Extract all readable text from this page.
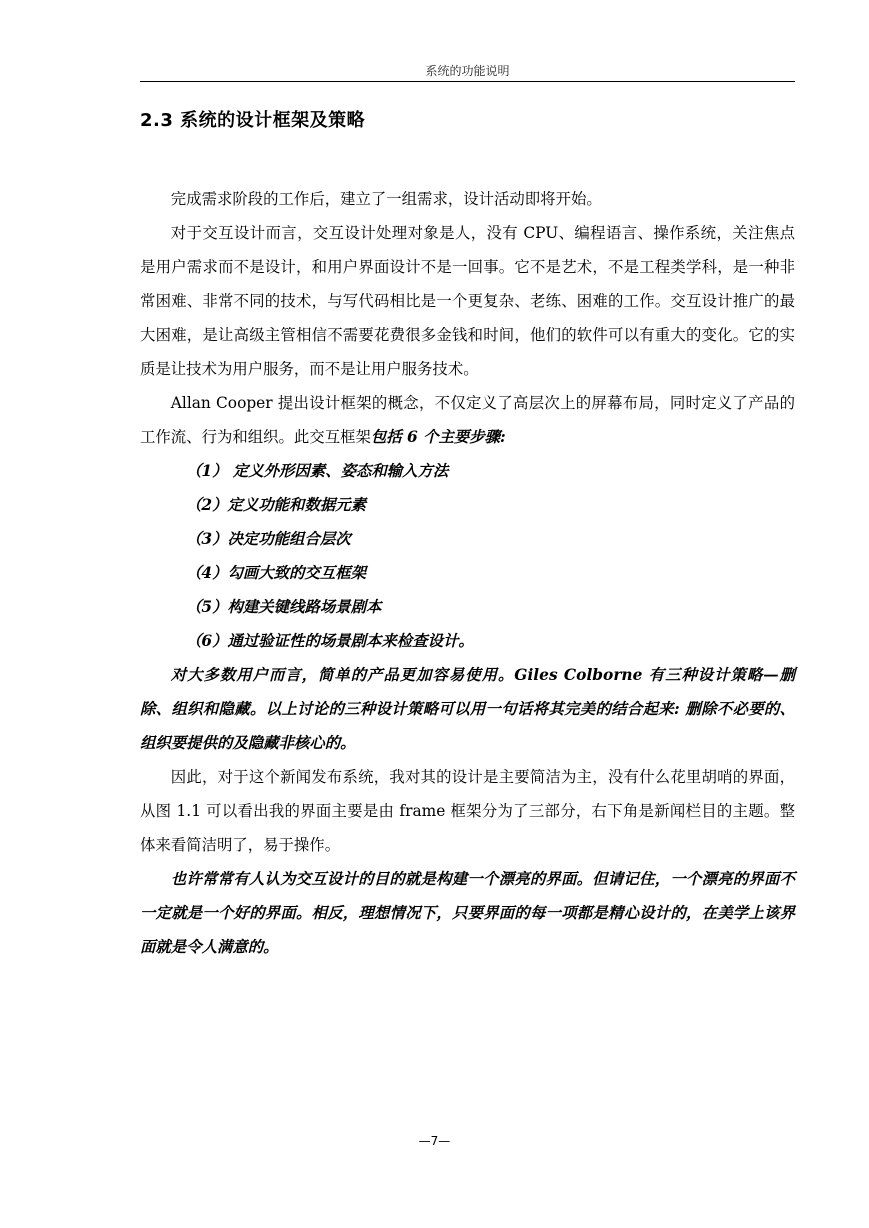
系统的功能说明
2.3 系统的设计框架及策略

完成需求阶段的工作后，建立了一组需求，设计活动即将开始。

对于交互设计而言，交互设计处理对象是人，没有 CPU、编程语言、操作系统，关注焦点是用户需求而不是设计，和用户界面设计不是一回事。它不是艺术，不是工程类学科，是一种非常困难、非常不同的技术，与写代码相比是一个更复杂、老练、困难的工作。交互设计推广的最大困难，是让高级主管相信不需要花费很多金钱和时间，他们的软件可以有重大的变化。它的实质是让技术为用户服务，而不是让用户服务技术。

Allan Cooper 提出设计框架的概念，不仅定义了高层次上的屏幕布局，同时定义了产品的工作流、行为和组织。此交互框架包括 6 个主要步骤:

（1） 定义外形因素、姿态和输入方法
（2）定义功能和数据元素
（3）决定功能组合层次
（4）勾画大致的交互框架
（5）构建关键线路场景剧本
（6）通过验证性的场景剧本来检查设计。

对大多数用户而言，简单的产品更加容易使用。Giles Colborne 有三种设计策略—删除、组织和隐藏。以上讨论的三种设计策略可以用一句话将其完美的结合起来: 删除不必要的、组织要提供的及隐藏非核心的。

因此，对于这个新闻发布系统，我对其的设计是主要简洁为主，没有什么花里胡哨的界面，从图 1.1 可以看出我的界面主要是由 frame 框架分为了三部分，右下角是新闻栏目的主题。整体来看简洁明了，易于操作。

也许常常有人认为交互设计的目的就是构建一个漂亮的界面。但请记住，一个漂亮的界面不一定就是一个好的界面。相反，理想情况下，只要界面的每一项都是精心设计的，在美学上该界面就是令人满意的。

—7—
